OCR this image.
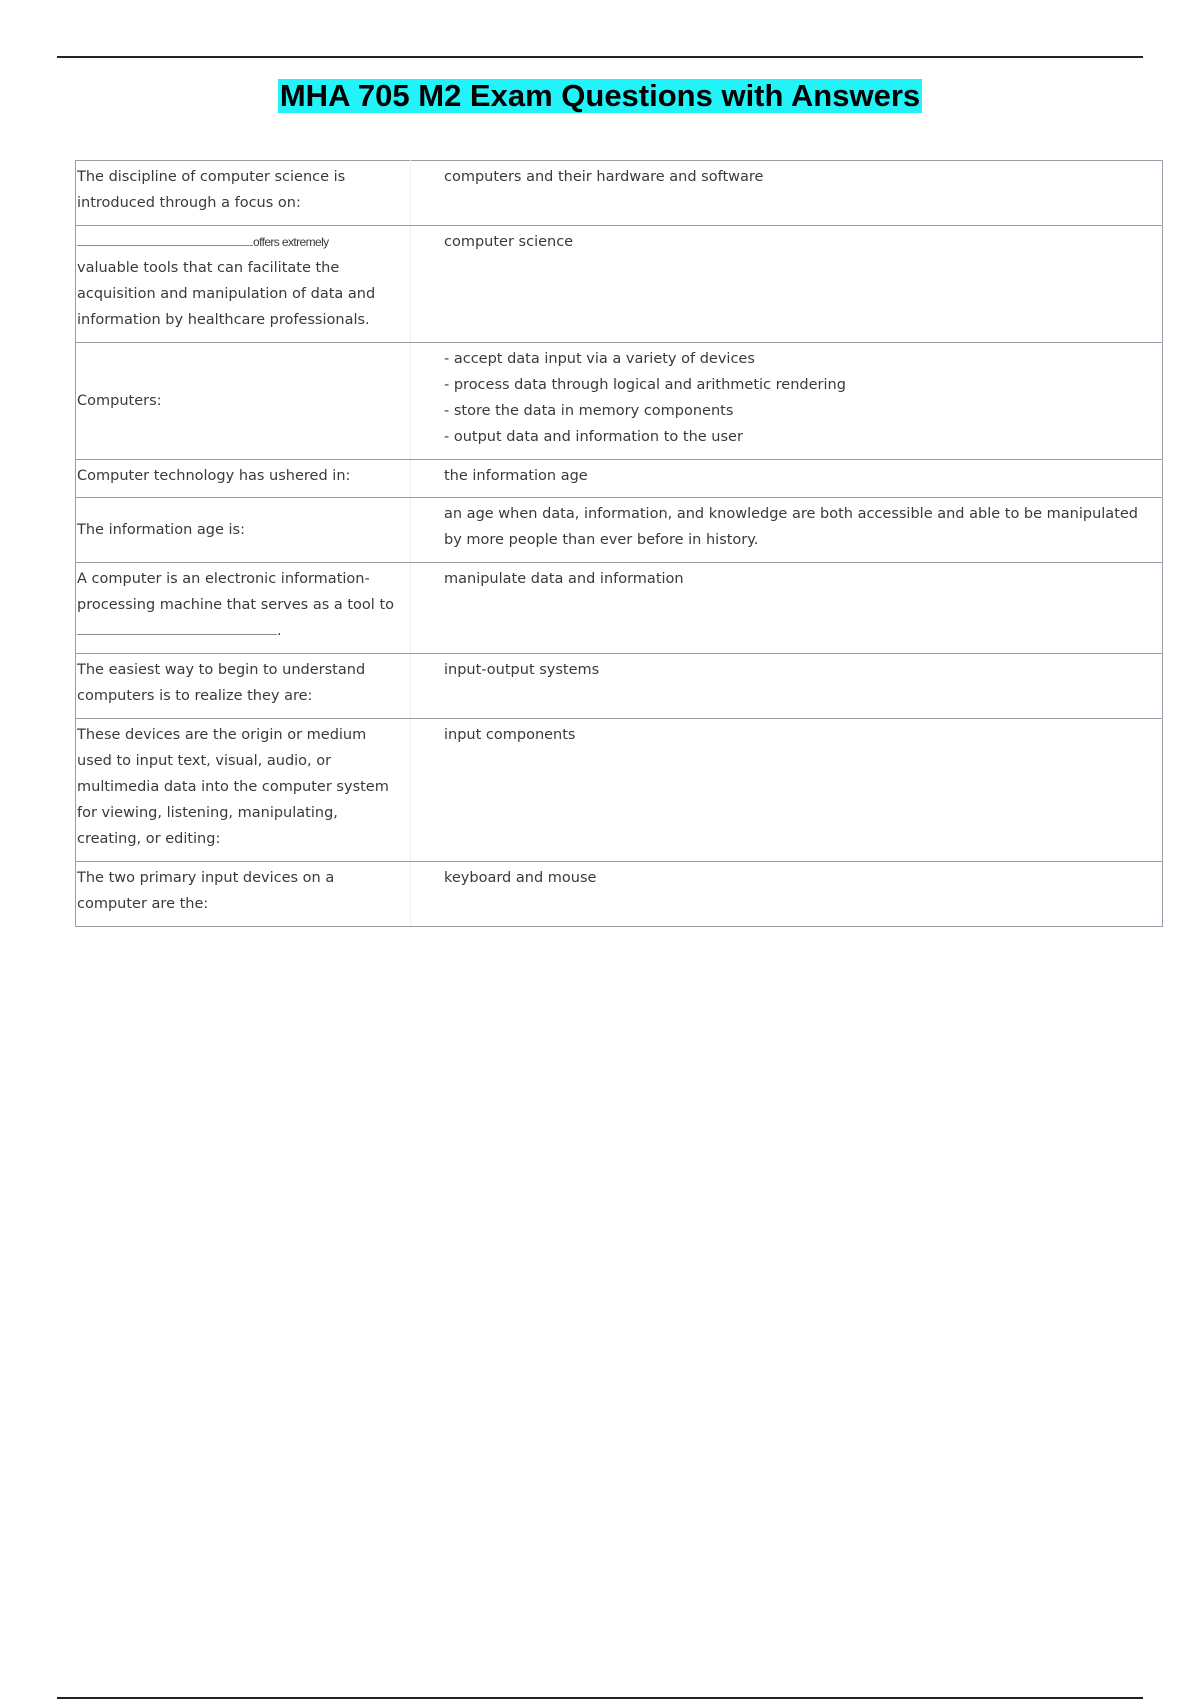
MHA 705 M2 Exam Questions with Answers
The discipline of computer science is introduced through a focus on:	computers and their hardware and software

offers extremely
valuable tools that can facilitate the acquisition and manipulation of data and information by healthcare professionals.	computer science
Computers:	- accept data input via a variety of devices
- process data through logical and arithmetic rendering
- store the data in memory components
- output data and information to the user

Computer technology has ushered in:	the information age
The information age is:	an age when data, information, and knowledge are both accessible and able to be manipulated by more people than ever before in history.
A computer is an electronic information-processing machine that serves as a tool to
.	manipulate data and information
The easiest way to begin to understand computers is to realize they are:	input-output systems
These devices are the origin or medium used to input text, visual, audio, or multimedia data into the computer system for viewing, listening, manipulating, creating, or editing:	input components
The two primary input devices on a computer are the:	keyboard and mouse
